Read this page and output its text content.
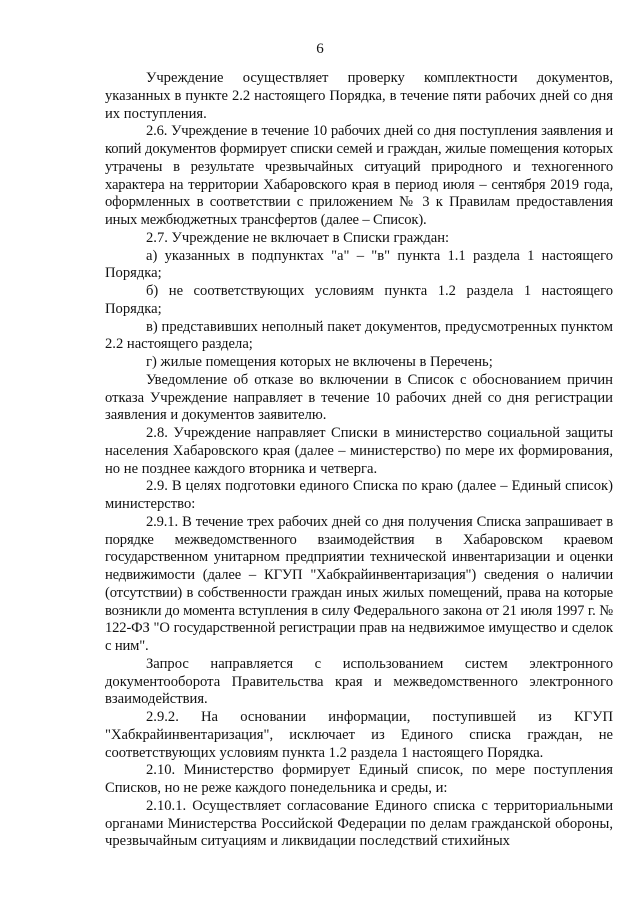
6

Учреждение осуществляет проверку комплектности документов, указанных в пункте 2.2 настоящего Порядка, в течение пяти рабочих дней со дня их поступления.

2.6. Учреждение в течение 10 рабочих дней со дня поступления заявления и копий документов формирует списки семей и граждан, жилые помещения которых утрачены в результате чрезвычайных ситуаций природного и техногенного характера на территории Хабаровского края в период июля – сентября 2019 года, оформленных в соответствии с приложением № 3 к Правилам предоставления иных межбюджетных трансфертов (далее – Список).

2.7. Учреждение не включает в Списки граждан:

а) указанных в подпунктах "а" – "в" пункта 1.1 раздела 1 настоящего Порядка;

б) не соответствующих условиям пункта 1.2 раздела 1 настоящего Порядка;

в) представивших неполный пакет документов, предусмотренных пунктом 2.2 настоящего раздела;

г) жилые помещения которых не включены в Перечень;

Уведомление об отказе во включении в Список с обоснованием причин отказа Учреждение направляет в течение 10 рабочих дней со дня регистрации заявления и документов заявителю.

2.8. Учреждение направляет Списки в министерство социальной защиты населения Хабаровского края (далее – министерство) по мере их формирования, но не позднее каждого вторника и четверга.

2.9. В целях подготовки единого Списка по краю (далее – Единый список) министерство:

2.9.1. В течение трех рабочих дней со дня получения Списка запрашивает в порядке межведомственного взаимодействия в Хабаровском краевом государственном унитарном предприятии технической инвентаризации и оценки недвижимости (далее – КГУП "Хабкрайинвентаризация") сведения о наличии (отсутствии) в собственности граждан иных жилых помещений, права на которые возникли до момента вступления в силу Федерального закона от 21 июля 1997 г. № 122-ФЗ "О государственной регистрации прав на недвижимое имущество и сделок с ним".

Запрос направляется с использованием систем электронного документооборота Правительства края и межведомственного электронного взаимодействия.

2.9.2. На основании информации, поступившей из КГУП "Хабкрайинвентаризация", исключает из Единого списка граждан, не соответствующих условиям пункта 1.2 раздела 1 настоящего Порядка.

2.10. Министерство формирует Единый список, по мере поступления Списков, но не реже каждого понедельника и среды, и:

2.10.1. Осуществляет согласование Единого списка с территориальными органами Министерства Российской Федерации по делам гражданской обороны, чрезвычайным ситуациям и ликвидации последствий стихийных
